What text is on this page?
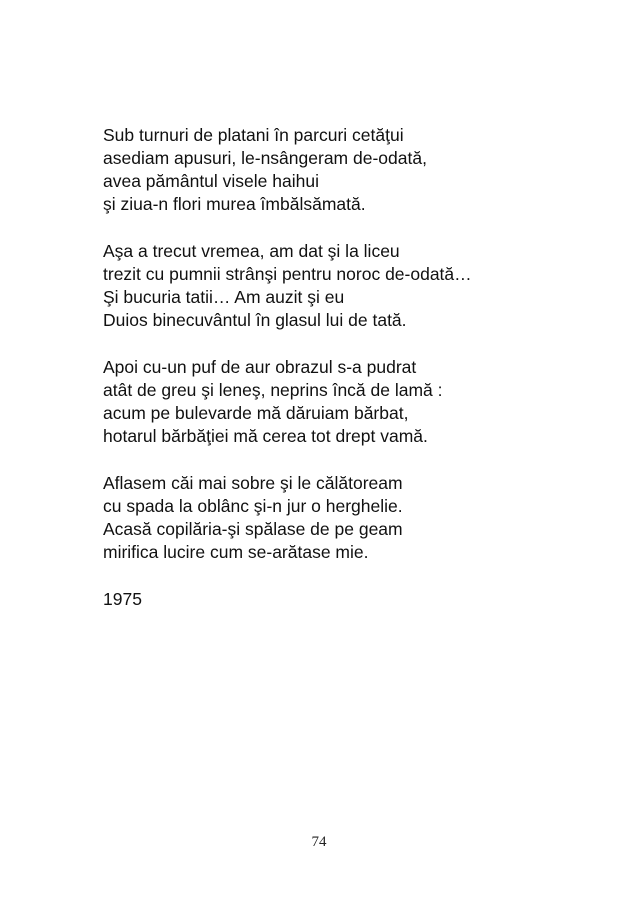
Sub turnuri de platani în parcuri cetăţui
asediam apusuri, le-nsângeram de-odată,
avea pământul visele haihui
şi ziua-n flori murea îmbălsămată.
Aşa a trecut vremea, am dat şi la liceu
trezit cu pumnii strânşi pentru noroc de-odată…
Şi bucuria tatii… Am auzit şi eu
Duios binecuvântul în glasul lui de tată.
Apoi cu-un puf de aur obrazul s-a pudrat
atât de greu şi leneş, neprins încă de lamă :
acum pe bulevarde mă dăruiam bărbat,
hotarul bărbăţiei mă cerea tot drept vamă.
Aflasem căi mai sobre şi le călătoream
cu spada la oblânc şi-n jur o herghelie.
Acasă copilăria-şi spălase de pe geam
mirifica lucire cum se-arătase mie.
1975
74
